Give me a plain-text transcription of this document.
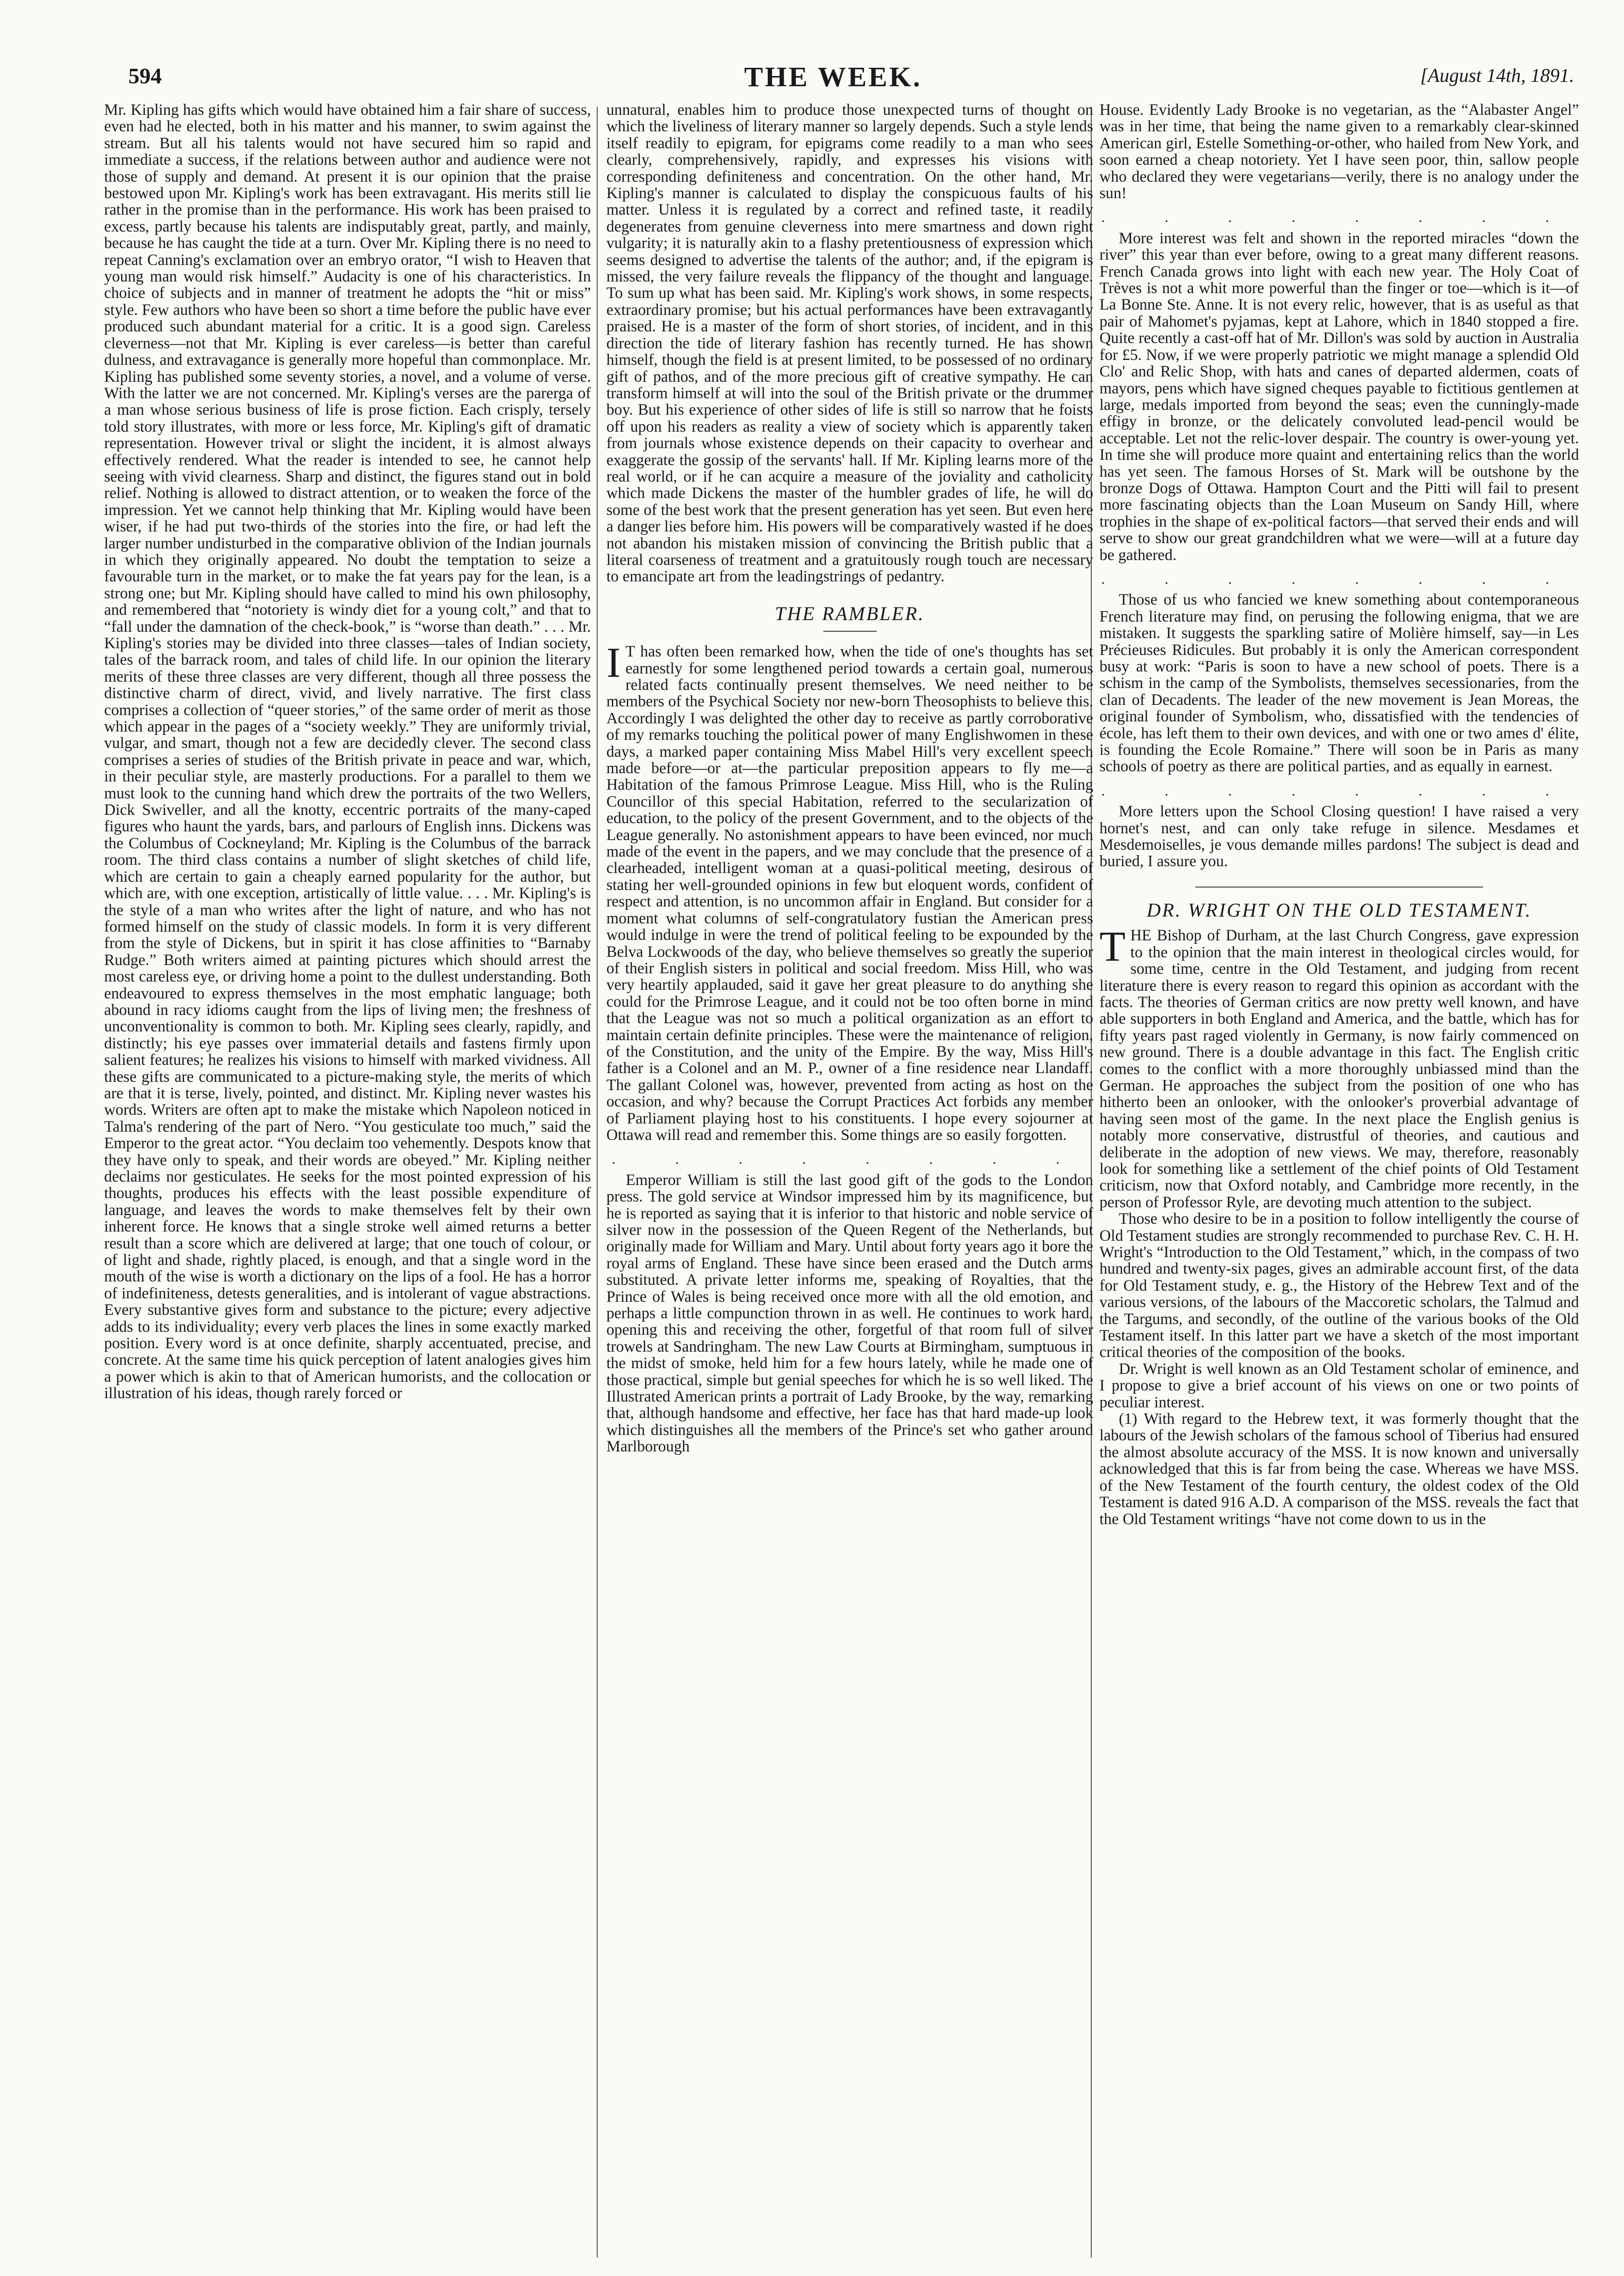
594	THE WEEK.	[August 14th, 1891.

Mr. Kipling has gifts which would have obtained him a fair share of success, even had he elected, both in his matter and his manner, to swim against the stream. But all his talents would not have secured him so rapid and immediate a success, if the relations between author and audience were not those of supply and demand. At present it is our opinion that the praise bestowed upon Mr. Kipling's work has been extravagant. His merits still lie rather in the promise than in the performance. His work has been praised to excess, partly because his talents are indisputably great, partly, and mainly, because he has caught the tide at a turn. Over Mr. Kipling there is no need to repeat Canning's exclamation over an embryo orator, “I wish to Heaven that young man would risk himself.” Audacity is one of his characteristics. In choice of subjects and in manner of treatment he adopts the “hit or miss” style. Few authors who have been so short a time before the public have ever produced such abundant material for a critic. It is a good sign. Careless cleverness—not that Mr. Kipling is ever careless—is better than careful dulness, and extravagance is generally more hopeful than commonplace. Mr. Kipling has published some seventy stories, a novel, and a volume of verse. With the latter we are not concerned. Mr. Kipling's verses are the parerga of a man whose serious business of life is prose fiction. Each crisply, tersely told story illustrates, with more or less force, Mr. Kipling's gift of dramatic representation. However trival or slight the incident, it is almost always effectively rendered. What the reader is intended to see, he cannot help seeing with vivid clearness. Sharp and distinct, the figures stand out in bold relief. Nothing is allowed to distract attention, or to weaken the force of the impression. Yet we cannot help thinking that Mr. Kipling would have been wiser, if he had put two-thirds of the stories into the fire, or had left the larger number undisturbed in the comparative oblivion of the Indian journals in which they originally appeared. No doubt the temptation to seize a favourable turn in the market, or to make the fat years pay for the lean, is a strong one; but Mr. Kipling should have called to mind his own philosophy, and remembered that “notoriety is windy diet for a young colt,” and that to “fall under the damnation of the check-book,” is “worse than death.” . . . Mr. Kipling's stories may be divided into three classes—tales of Indian society, tales of the barrack room, and tales of child life. In our opinion the literary merits of these three classes are very different, though all three possess the distinctive charm of direct, vivid, and lively narrative. The first class comprises a collection of “queer stories,” of the same order of merit as those which appear in the pages of a “society weekly.” They are uniformly trivial, vulgar, and smart, though not a few are decidedly clever. The second class comprises a series of studies of the British private in peace and war, which, in their peculiar style, are masterly productions. For a parallel to them we must look to the cunning hand which drew the portraits of the two Wellers, Dick Swiveller, and all the knotty, eccentric portraits of the many-caped figures who haunt the yards, bars, and parlours of English inns. Dickens was the Columbus of Cockneyland; Mr. Kipling is the Columbus of the barrack room. The third class contains a number of slight sketches of child life, which are certain to gain a cheaply earned popularity for the author, but which are, with one exception, artistically of little value. . . . Mr. Kipling's is the style of a man who writes after the light of nature, and who has not formed himself on the study of classic models. In form it is very different from the style of Dickens, but in spirit it has close affinities to “Barnaby Rudge.” Both writers aimed at painting pictures which should arrest the most careless eye, or driving home a point to the dullest understanding. Both endeavoured to express themselves in the most emphatic language; both abound in racy idioms caught from the lips of living men; the freshness of unconventionality is common to both. Mr. Kipling sees clearly, rapidly, and distinctly; his eye passes over immaterial details and fastens firmly upon salient features; he realizes his visions to himself with marked vividness. All these gifts are communicated to a picture-making style, the merits of which are that it is terse, lively, pointed, and distinct. Mr. Kipling never wastes his words. Writers are often apt to make the mistake which Napoleon noticed in Talma's rendering of the part of Nero. “You gesticulate too much,” said the Emperor to the great actor. “You declaim too vehemently. Despots know that they have only to speak, and their words are obeyed.” Mr. Kipling neither declaims nor gesticulates. He seeks for the most pointed expression of his thoughts, produces his effects with the least possible expenditure of language, and leaves the words to make themselves felt by their own inherent force. He knows that a single stroke well aimed returns a better result than a score which are delivered at large; that one touch of colour, or of light and shade, rightly placed, is enough, and that a single word in the mouth of the wise is worth a dictionary on the lips of a fool. He has a horror of indefiniteness, detests generalities, and is intolerant of vague abstractions. Every substantive gives form and substance to the picture; every adjective adds to its individuality; every verb places the lines in some exactly marked position. Every word is at once definite, sharply accentuated, precise, and concrete. At the same time his quick perception of latent analogies gives him a power which is akin to that of American humorists, and the collocation or illustration of his ideas, though rarely forced or

unnatural, enables him to produce those unexpected turns of thought on which the liveliness of literary manner so largely depends. Such a style lends itself readily to epigram, for epigrams come readily to a man who sees clearly, comprehensively, rapidly, and expresses his visions with corresponding definiteness and concentration. On the other hand, Mr. Kipling's manner is calculated to display the conspicuous faults of his matter. Unless it is regulated by a correct and refined taste, it readily degenerates from genuine cleverness into mere smartness and down right vulgarity; it is naturally akin to a flashy pretentiousness of expression which seems designed to advertise the talents of the author; and, if the epigram is missed, the very failure reveals the flippancy of the thought and language. To sum up what has been said. Mr. Kipling's work shows, in some respects, extraordinary promise; but his actual performances have been extravagantly praised. He is a master of the form of short stories, of incident, and in this direction the tide of literary fashion has recently turned. He has shown himself, though the field is at present limited, to be possessed of no ordinary gift of pathos, and of the more precious gift of creative sympathy. He can transform himself at will into the soul of the British private or the drummer boy. But his experience of other sides of life is still so narrow that he foists off upon his readers as reality a view of society which is apparently taken from journals whose existence depends on their capacity to overhear and exaggerate the gossip of the servants' hall. If Mr. Kipling learns more of the real world, or if he can acquire a measure of the joviality and catholicity which made Dickens the master of the humbler grades of life, he will do some of the best work that the present generation has yet seen. But even here a danger lies before him. His powers will be comparatively wasted if he does not abandon his mistaken mission of convincing the British public that a literal coarseness of treatment and a gratuitously rough touch are necessary to emancipate art from the leadingstrings of pedantry.

THE RAMBLER.

I T has often been remarked how, when the tide of one's thoughts has set earnestly for some lengthened period towards a certain goal, numerous related facts continually present themselves. We need neither to be members of the Psychical Society nor new-born Theosophists to believe this. Accordingly I was delighted the other day to receive as partly corroborative of my remarks touching the political power of many Englishwomen in these days, a marked paper containing Miss Mabel Hill's very excellent speech made before—or at—the particular preposition appears to fly me—a Habitation of the famous Primrose League. Miss Hill, who is the Ruling Councillor of this special Habitation, referred to the secularization of education, to the policy of the present Government, and to the objects of the League generally. No astonishment appears to have been evinced, nor much made of the event in the papers, and we may conclude that the presence of a clearheaded, intelligent woman at a quasi-political meeting, desirous of stating her well-grounded opinions in few but eloquent words, confident of respect and attention, is no uncommon affair in England. But consider for a moment what columns of self-congratulatory fustian the American press would indulge in were the trend of political feeling to be expounded by the Belva Lockwoods of the day, who believe themselves so greatly the superior of their English sisters in political and social freedom. Miss Hill, who was very heartily applauded, said it gave her great pleasure to do anything she could for the Primrose League, and it could not be too often borne in mind that the League was not so much a political organization as an effort to maintain certain definite principles. These were the maintenance of religion, of the Constitution, and the unity of the Empire. By the way, Miss Hill's father is a Colonel and an M. P., owner of a fine residence near Llandaff. The gallant Colonel was, however, prevented from acting as host on the occasion, and why? because the Corrupt Practices Act forbids any member of Parliament playing host to his constituents. I hope every sojourner at Ottawa will read and remember this. Some things are so easily forgotten.

. . . . . . . .

Emperor William is still the last good gift of the gods to the London press. The gold service at Windsor impressed him by its magnificence, but he is reported as saying that it is inferior to that historic and noble service of silver now in the possession of the Queen Regent of the Netherlands, but originally made for William and Mary. Until about forty years ago it bore the royal arms of England. These have since been erased and the Dutch arms substituted. A private letter informs me, speaking of Royalties, that the Prince of Wales is being received once more with all the old emotion, and perhaps a little compunction thrown in as well. He continues to work hard, opening this and receiving the other, forgetful of that room full of silver trowels at Sandringham. The new Law Courts at Birmingham, sumptuous in the midst of smoke, held him for a few hours lately, while he made one of those practical, simple but genial speeches for which he is so well liked. The Illustrated American prints a portrait of Lady Brooke, by the way, remarking that, although handsome and effective, her face has that hard made-up look which distinguishes all the members of the Prince's set who gather around Marlborough

House. Evidently Lady Brooke is no vegetarian, as the “Alabaster Angel” was in her time, that being the name given to a remarkably clear-skinned American girl, Estelle Something-or-other, who hailed from New York, and soon earned a cheap notoriety. Yet I have seen poor, thin, sallow people who declared they were vegetarians—verily, there is no analogy under the sun!

. . . . . . . .

More interest was felt and shown in the reported miracles “down the river” this year than ever before, owing to a great many different reasons. French Canada grows into light with each new year. The Holy Coat of Trèves is not a whit more powerful than the finger or toe—which is it—of La Bonne Ste. Anne. It is not every relic, however, that is as useful as that pair of Mahomet's pyjamas, kept at Lahore, which in 1840 stopped a fire. Quite recently a cast-off hat of Mr. Dillon's was sold by auction in Australia for £5. Now, if we were properly patriotic we might manage a splendid Old Clo' and Relic Shop, with hats and canes of departed aldermen, coats of mayors, pens which have signed cheques payable to fictitious gentlemen at large, medals imported from beyond the seas; even the cunningly-made effigy in bronze, or the delicately convoluted lead-pencil would be acceptable. Let not the relic-lover despair. The country is ower-young yet. In time she will produce more quaint and entertaining relics than the world has yet seen. The famous Horses of St. Mark will be outshone by the bronze Dogs of Ottawa. Hampton Court and the Pitti will fail to present more fascinating objects than the Loan Museum on Sandy Hill, where trophies in the shape of ex-political factors—that served their ends and will serve to show our great grandchildren what we were—will at a future day be gathered.

. . . . . . . .

Those of us who fancied we knew something about contemporaneous French literature may find, on perusing the following enigma, that we are mistaken. It suggests the sparkling satire of Molière himself, say—in Les Précieuses Ridicules. But probably it is only the American correspondent busy at work: “Paris is soon to have a new school of poets. There is a schism in the camp of the Symbolists, themselves secessionaries, from the clan of Decadents. The leader of the new movement is Jean Moreas, the original founder of Symbolism, who, dissatisfied with the tendencies of école, has left them to their own devices, and with one or two ames d' élite, is founding the Ecole Romaine.” There will soon be in Paris as many schools of poetry as there are political parties, and as equally in earnest.

. . . . . . . .

More letters upon the School Closing question! I have raised a very hornet's nest, and can only take refuge in silence. Mesdames et Mesdemoiselles, je vous demande milles pardons! The subject is dead and buried, I assure you.

DR. WRIGHT ON THE OLD TESTAMENT.

THE Bishop of Durham, at the last Church Congress, gave expression to the opinion that the main interest in theological circles would, for some time, centre in the Old Testament, and judging from recent literature there is every reason to regard this opinion as accordant with the facts. The theories of German critics are now pretty well known, and have able supporters in both England and America, and the battle, which has for fifty years past raged violently in Germany, is now fairly commenced on new ground. There is a double advantage in this fact. The English critic comes to the conflict with a more thoroughly unbiassed mind than the German. He approaches the subject from the position of one who has hitherto been an onlooker, with the onlooker's proverbial advantage of having seen most of the game. In the next place the English genius is notably more conservative, distrustful of theories, and cautious and deliberate in the adoption of new views. We may, therefore, reasonably look for something like a settlement of the chief points of Old Testament criticism, now that Oxford notably, and Cambridge more recently, in the person of Professor Ryle, are devoting much attention to the subject.

Those who desire to be in a position to follow intelligently the course of Old Testament studies are strongly recommended to purchase Rev. C. H. H. Wright's “Introduction to the Old Testament,” which, in the compass of two hundred and twenty-six pages, gives an admirable account first, of the data for Old Testament study, e. g., the History of the Hebrew Text and of the various versions, of the labours of the Maccoretic scholars, the Talmud and the Targums, and secondly, of the outline of the various books of the Old Testament itself. In this latter part we have a sketch of the most important critical theories of the composition of the books.

Dr. Wright is well known as an Old Testament scholar of eminence, and I propose to give a brief account of his views on one or two points of peculiar interest.

(1) With regard to the Hebrew text, it was formerly thought that the labours of the Jewish scholars of the famous school of Tiberius had ensured the almost absolute accuracy of the MSS. It is now known and universally acknowledged that this is far from being the case. Whereas we have MSS. of the New Testament of the fourth century, the oldest codex of the Old Testament is dated 916 A.D. A comparison of the MSS. reveals the fact that the Old Testament writings “have not come down to us in the
